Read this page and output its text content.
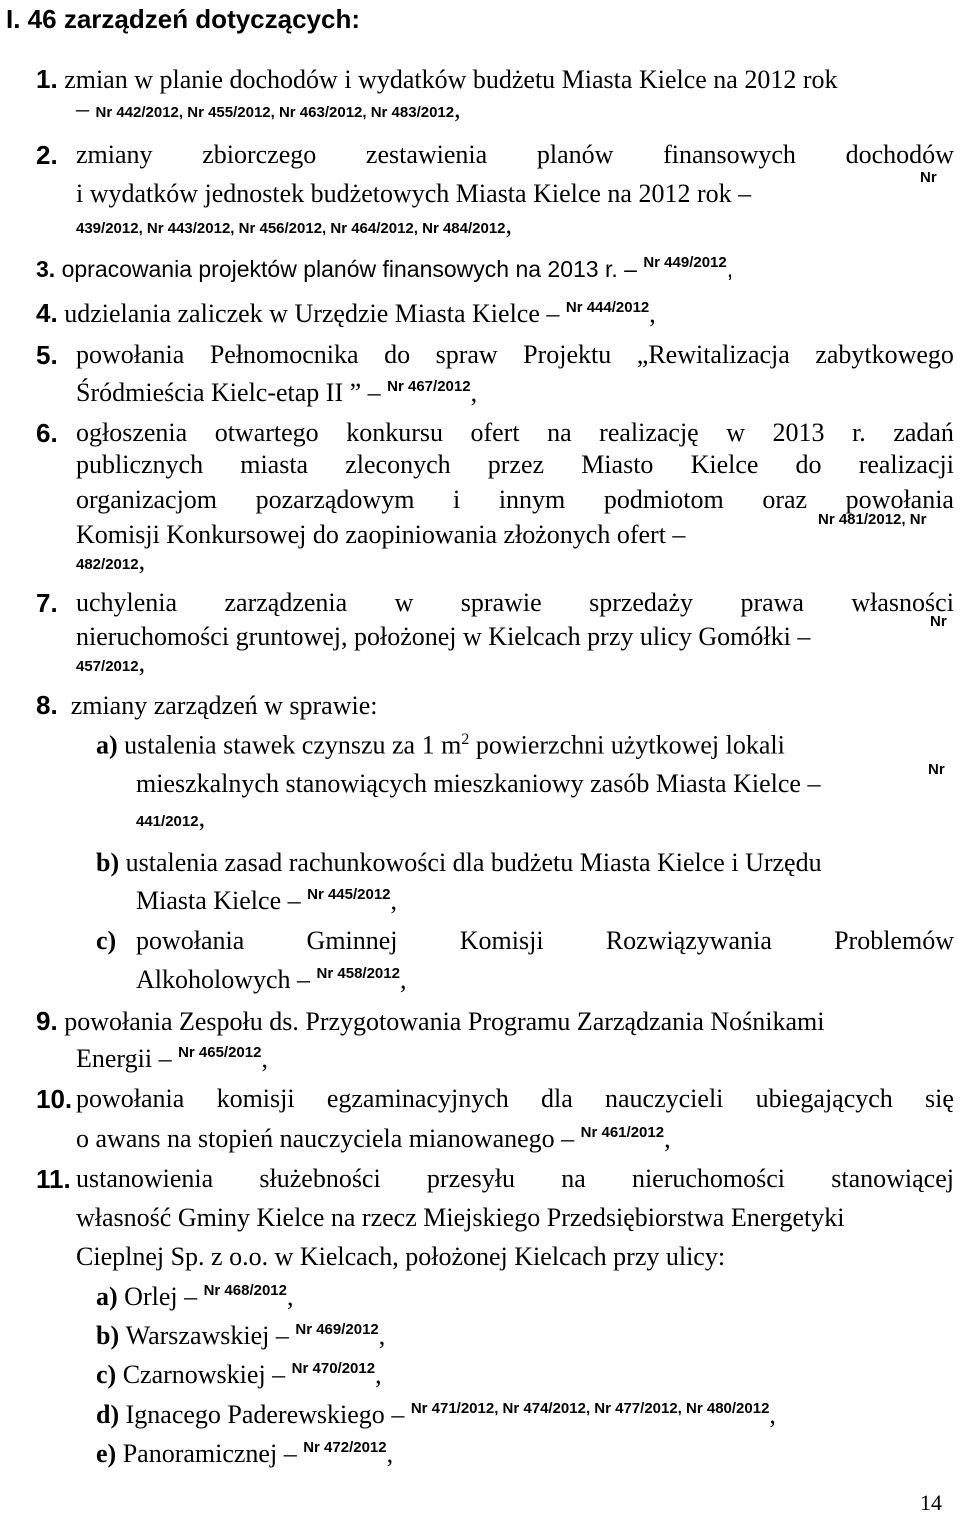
I. 46 zarządzeń dotyczących:
1. zmian w planie dochodów i wydatków budżetu Miasta Kielce na 2012 rok
– Nr 442/2012, Nr 455/2012, Nr 463/2012, Nr 483/2012,
2. zmiany zbiorczego zestawienia planów finansowych dochodów
i wydatków jednostek budżetowych Miasta Kielce na 2012 rok –
Nr
439/2012, Nr 443/2012, Nr 456/2012, Nr 464/2012, Nr 484/2012,
3. opracowania projektów planów finansowych na 2013 r. – $^{Nr 449/2012}$,
4. udzielania zaliczek w Urzędzie Miasta Kielce – $^{Nr 444/2012}$,
5. powołania Pełnomocnika do spraw Projektu „Rewitalizacja zabytkowego
Śródmieścia Kielc-etap II ” – $^{Nr 467/2012}$,
6. ogłoszenia otwartego konkursu ofert na realizację w 2013 r. zadań
publicznych miasta zleconych przez Miasto Kielce do realizacji
organizacjom pozarządowym i innym podmiotom oraz powołania
Komisji Konkursowej do zaopiniowania złożonych ofert –
Nr 481/2012, Nr
482/2012,
7. uchylenia zarządzenia w sprawie sprzedaży prawa własności
nieruchomości gruntowej, położonej w Kielcach przy ulicy Gomółki –
Nr
457/2012,
8. zmiany zarządzeń w sprawie:
a) ustalenia stawek czynszu za 1 $m^2$ powierzchni użytkowej lokali
mieszkalnych stanowiących mieszkaniowy zasób Miasta Kielce –	Nr
441/2012,
b) ustalenia zasad rachunkowości dla budżetu Miasta Kielce i Urzędu
Miasta Kielce – $^{Nr 445/2012}$,
c) powołania Gminnej Komisji Rozwiązywania Problemów
Alkoholowych – $^{Nr 458/2012}$,
9. powołania Zespołu ds. Przygotowania Programu Zarządzania Nośnikami
Energii – $^{Nr 465/2012}$,
10. powołania komisji egzaminacyjnych dla nauczycieli ubiegających się
o awans na stopień nauczyciela mianowanego – $^{Nr 461/2012}$,
11. ustanowienia służebności przesyłu na nieruchomości stanowiącej
własność Gminy Kielce na rzecz Miejskiego Przedsiębiorstwa Energetyki
Cieplnej Sp. z o.o. w Kielcach, położonej Kielcach przy ulicy:
a) Orlej – $^{Nr 468/2012}$,
b) Warszawskiej – $^{Nr 469/2012}$,
c) Czarnowskiej – $^{Nr 470/2012}$,
d) Ignacego Paderewskiego – $^{Nr 471/2012, Nr 474/2012, Nr 477/2012, Nr 480/2012}$,
e) Panoramicznej – $^{Nr 472/2012}$,
14
